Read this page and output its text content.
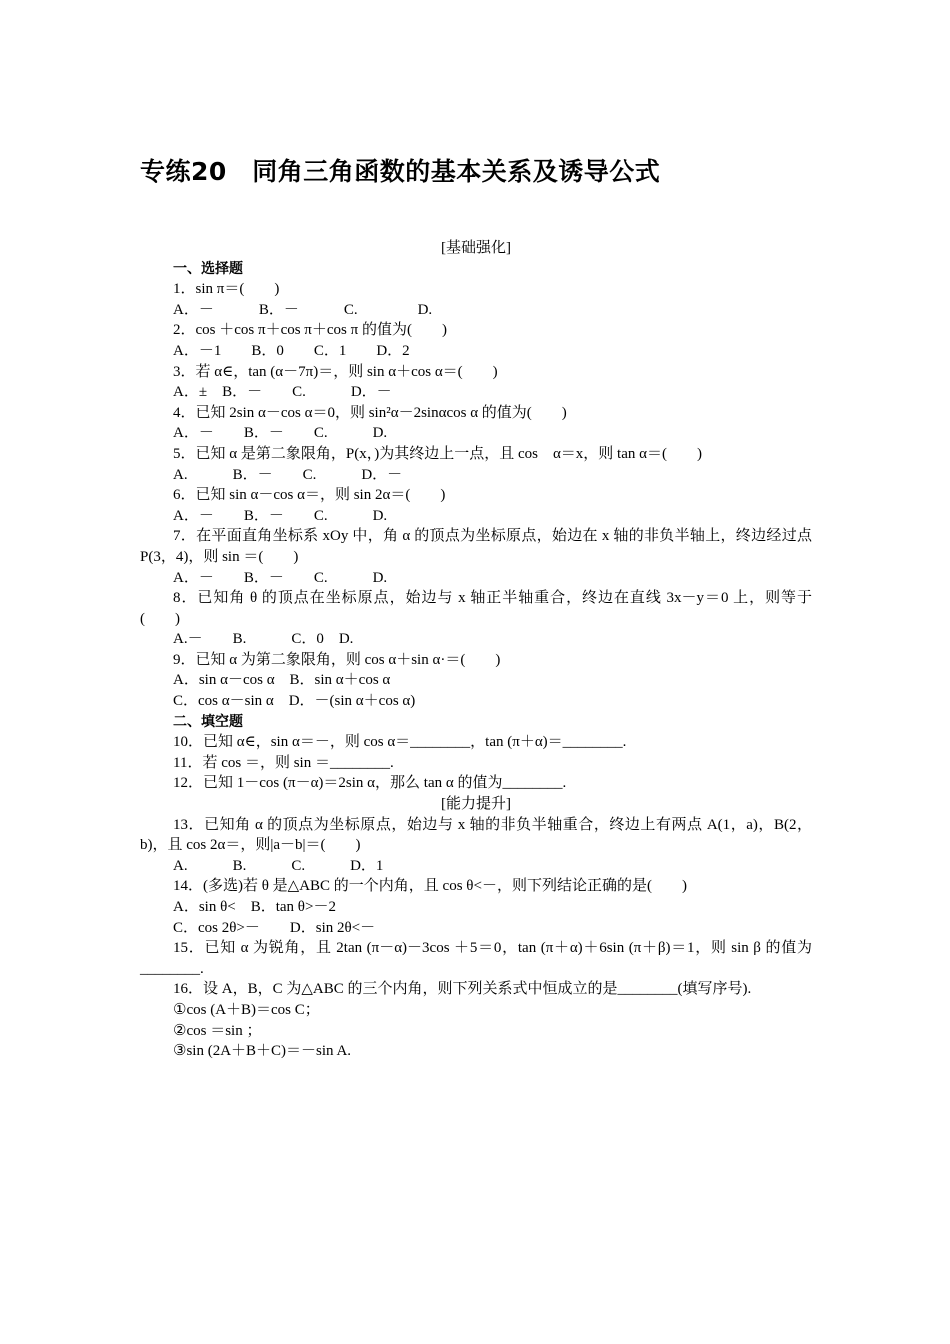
专练20　同角三角函数的基本关系及诱导公式
[基础强化]
一、选择题
1．sin π＝(　　)
A．－　　　B．－　　　C.　　　　D.
2．cos ＋cos π＋cos π＋cos π 的值为(　　)
A．－1　　B．0　　C．1　　D．2
3．若 α∈，tan (α－7π)＝，则 sin α＋cos α＝(　　)
A．±　B．－　　C.　　　D．－
4．已知 2sin α－cos α＝0，则 sin²α－2sinαcos α 的值为(　　)
A．－　　B．－　　C.　　　D.
5．已知 α 是第二象限角，P(x，)为其终边上一点，且 cos　α＝x，则 tan α＝(　　)
A.　　　B．－　　C.　　　D．－
6．已知 sin α－cos α＝，则 sin 2α＝(　　)
A．－　　B．－　　C.　　　D.
7．在平面直角坐标系 xOy 中，角 α 的顶点为坐标原点，始边在 x 轴的非负半轴上，终边经过点 P(3，4)，则 sin ＝(　　)
A．－　　B．－　　C.　　　D.
8．已知角 θ 的顶点在坐标原点，始边与 x 轴正半轴重合，终边在直线 3x－y＝0 上，则等于(　　)
A.－　　B.　　　C．0　D.
9．已知 α 为第二象限角，则 cos α＋sin α·＝(　　)
A．sin α－cos α　B．sin α＋cos α
C．cos α－sin α　D．－(sin α＋cos α)
二、填空题
10．已知 α∈，sin α＝－，则 cos α＝________，tan (π＋α)＝________.
11．若 cos ＝，则 sin ＝________.
12．已知 1－cos (π－α)＝2sin α，那么 tan α 的值为________.
[能力提升]
13．已知角 α 的顶点为坐标原点，始边与 x 轴的非负半轴重合，终边上有两点 A(1，a)，B(2，b)，且 cos 2α＝，则|a－b|＝(　　)
A.　　　B.　　　C.　　　D．1
14．(多选)若 θ 是△ABC 的一个内角，且 cos θ<－，则下列结论正确的是(　　)
A．sin θ<　B．tan θ>－2
C．cos 2θ>－　　D．sin 2θ<－
15．已知 α 为锐角，且 2tan (π－α)－3cos ＋5＝0，tan (π＋α)＋6sin (π＋β)＝1，则 sin β 的值为________.
16．设 A，B，C 为△ABC 的三个内角，则下列关系式中恒成立的是________(填写序号).
①cos (A＋B)＝cos C；
②cos ＝sin ；
③sin (2A＋B＋C)＝－sin A.
